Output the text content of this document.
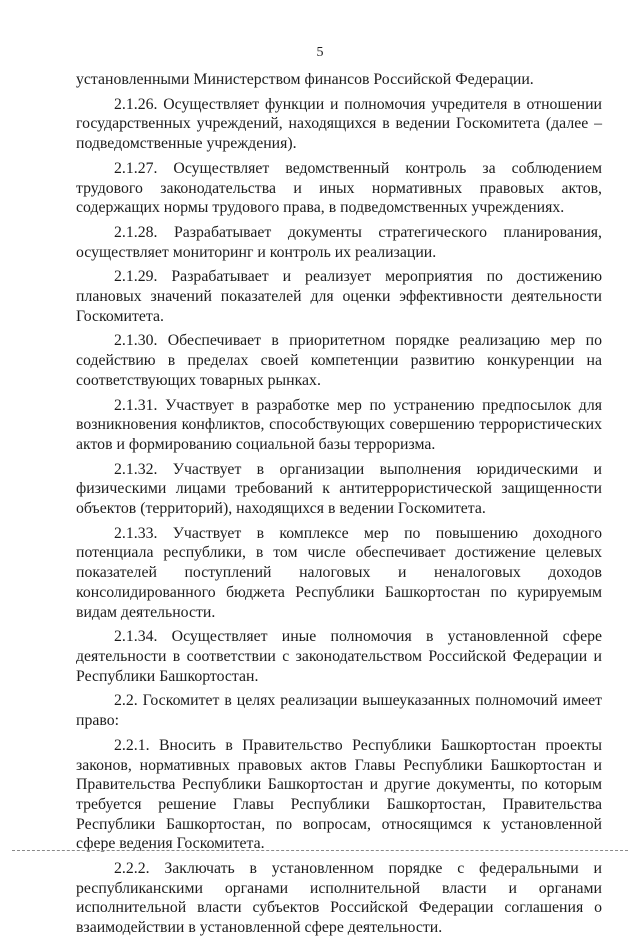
5

установленными Министерством финансов Российской Федерации.

2.1.26. Осуществляет функции и полномочия учредителя в отношении государственных учреждений, находящихся в ведении Госкомитета (далее – подведомственные учреждения).

2.1.27. Осуществляет ведомственный контроль за соблюдением трудового законодательства и иных нормативных правовых актов, содержащих нормы трудового права, в подведомственных учреждениях.

2.1.28. Разрабатывает документы стратегического планирования, осуществляет мониторинг и контроль их реализации.

2.1.29. Разрабатывает и реализует мероприятия по достижению плановых значений показателей для оценки эффективности деятельности Госкомитета.

2.1.30. Обеспечивает в приоритетном порядке реализацию мер по содействию в пределах своей компетенции развитию конкуренции на соответствующих товарных рынках.

2.1.31. Участвует в разработке мер по устранению предпосылок для возникновения конфликтов, способствующих совершению террористических актов и формированию социальной базы терроризма.

2.1.32. Участвует в организации выполнения юридическими и физическими лицами требований к антитеррористической защищенности объектов (территорий), находящихся в ведении Госкомитета.

2.1.33. Участвует в комплексе мер по повышению доходного потенциала республики, в том числе обеспечивает достижение целевых показателей поступлений налоговых и неналоговых доходов консолидированного бюджета Республики Башкортостан по курируемым видам деятельности.

2.1.34. Осуществляет иные полномочия в установленной сфере деятельности в соответствии с законодательством Российской Федерации и Республики Башкортостан.

2.2. Госкомитет в целях реализации вышеуказанных полномочий имеет право:

2.2.1. Вносить в Правительство Республики Башкортостан проекты законов, нормативных правовых актов Главы Республики Башкортостан и Правительства Республики Башкортостан и другие документы, по которым требуется решение Главы Республики Башкортостан, Правительства Республики Башкортостан, по вопросам, относящимся к установленной сфере ведения Госкомитета.

2.2.2. Заключать в установленном порядке с федеральными и республиканскими органами исполнительной власти и органами исполнительной власти субъектов Российской Федерации соглашения о взаимодействии в установленной сфере деятельности.
